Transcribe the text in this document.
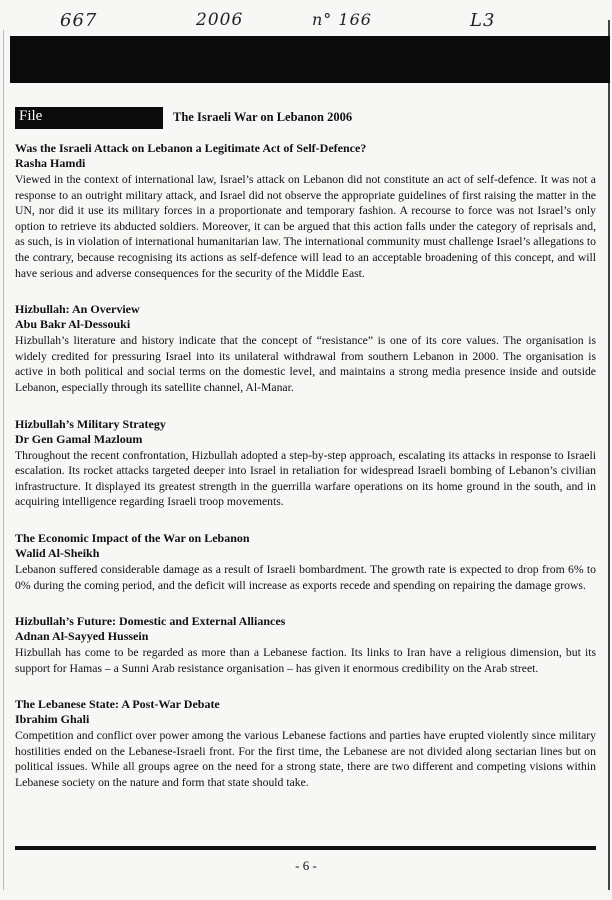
667	2006	n° 166	L3
File	The Israeli War on Lebanon 2006
Was the Israeli Attack on Lebanon a Legitimate Act of Self-Defence?
Rasha Hamdi

Viewed in the context of international law, Israel’s attack on Lebanon did not constitute an act of self-defence. It was not a response to an outright military attack, and Israel did not observe the appropriate guidelines of first raising the matter in the UN, nor did it use its military forces in a proportionate and temporary fashion. A recourse to force was not Israel’s only option to retrieve its abducted soldiers. Moreover, it can be argued that this action falls under the category of reprisals and, as such, is in violation of international humanitarian law. The international community must challenge Israel’s allegations to the contrary, because recognising its actions as self-defence will lead to an acceptable broadening of this concept, and will have serious and adverse consequences for the security of the Middle East.

Hizbullah: An Overview
Abu Bakr Al-Dessouki

Hizbullah’s literature and history indicate that the concept of “resistance” is one of its core values. The organisation is widely credited for pressuring Israel into its unilateral withdrawal from southern Lebanon in 2000. The organisation is active in both political and social terms on the domestic level, and maintains a strong media presence inside and outside Lebanon, especially through its satellite channel, Al-Manar.

Hizbullah’s Military Strategy
Dr Gen Gamal Mazloum

Throughout the recent confrontation, Hizbullah adopted a step-by-step approach, escalating its attacks in response to Israeli escalation. Its rocket attacks targeted deeper into Israel in retaliation for widespread Israeli bombing of Lebanon’s civilian infrastructure. It displayed its greatest strength in the guerrilla warfare operations on its home ground in the south, and in acquiring intelligence regarding Israeli troop movements.

The Economic Impact of the War on Lebanon
Walid Al-Sheikh

Lebanon suffered considerable damage as a result of Israeli bombardment. The growth rate is expected to drop from 6% to 0% during the coming period, and the deficit will increase as exports recede and spending on repairing the damage grows.

Hizbullah’s Future: Domestic and External Alliances
Adnan Al-Sayyed Hussein

Hizbullah has come to be regarded as more than a Lebanese faction. Its links to Iran have a religious dimension, but its support for Hamas – a Sunni Arab resistance organisation – has given it enormous credibility on the Arab street.

The Lebanese State: A Post-War Debate
Ibrahim Ghali

Competition and conflict over power among the various Lebanese factions and parties have erupted violently since military hostilities ended on the Lebanese-Israeli front. For the first time, the Lebanese are not divided along sectarian lines but on political issues. While all groups agree on the need for a strong state, there are two different and competing visions within Lebanese society on the nature and form that state should take.

- 6 -
